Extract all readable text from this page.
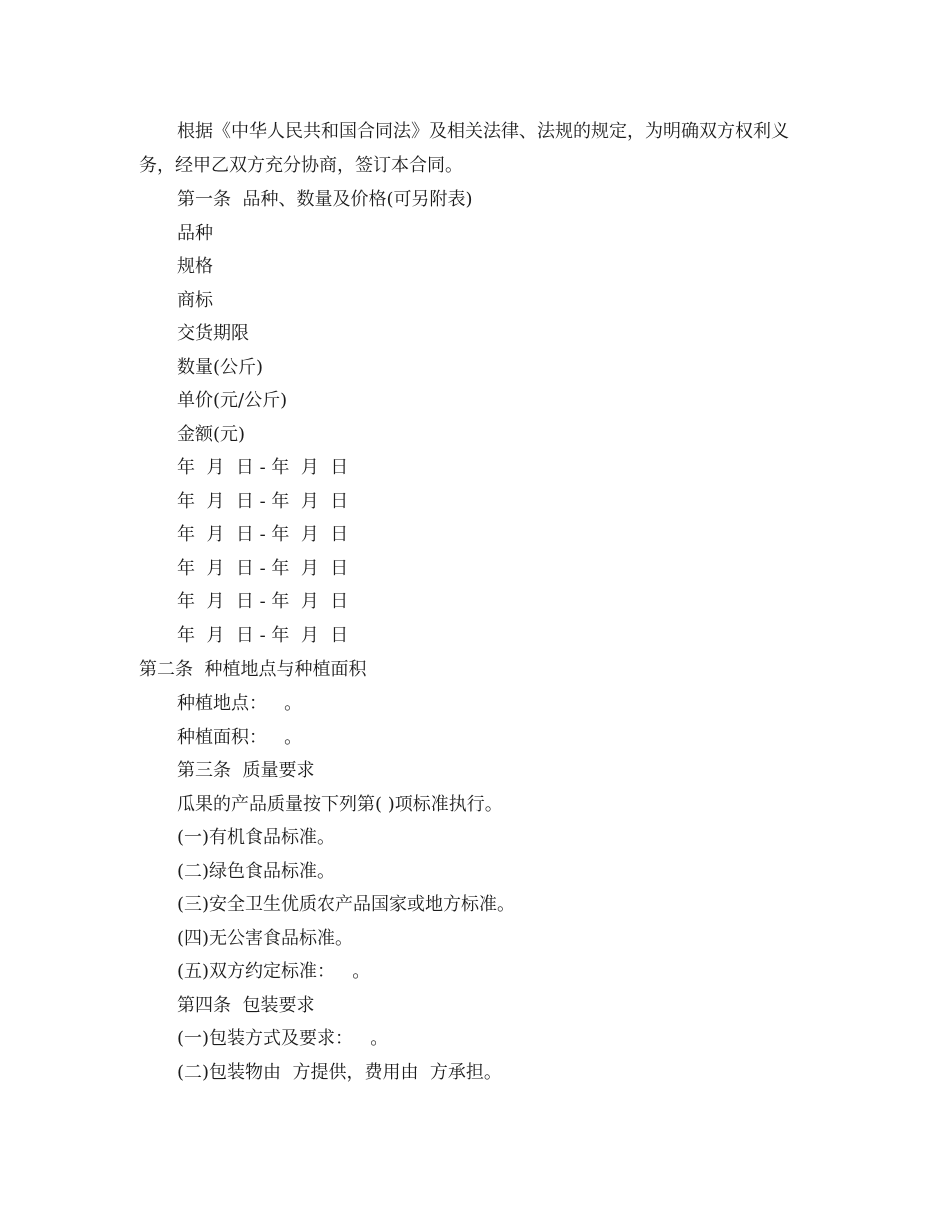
根据《中华人民共和国合同法》及相关法律、法规的规定，为明确双方权利义
务，经甲乙双方充分协商，签订本合同。
第一条  品种、数量及价格(可另附表)
品种
规格
商标
交货期限
数量(公斤)
单价(元/公斤)
金额(元)
年  月  日 - 年  月  日
年  月  日 - 年  月  日
年  月  日 - 年  月  日
年  月  日 - 年  月  日
年  月  日 - 年  月  日
年  月  日 - 年  月  日
第二条  种植地点与种植面积
种植地点：   。
种植面积：   。
第三条  质量要求
瓜果的产品质量按下列第( )项标准执行。
(一)有机食品标准。
(二)绿色食品标准。
(三)安全卫生优质农产品国家或地方标准。
(四)无公害食品标准。
(五)双方约定标准：   。
第四条  包装要求
(一)包装方式及要求：   。
(二)包装物由  方提供，费用由  方承担。
